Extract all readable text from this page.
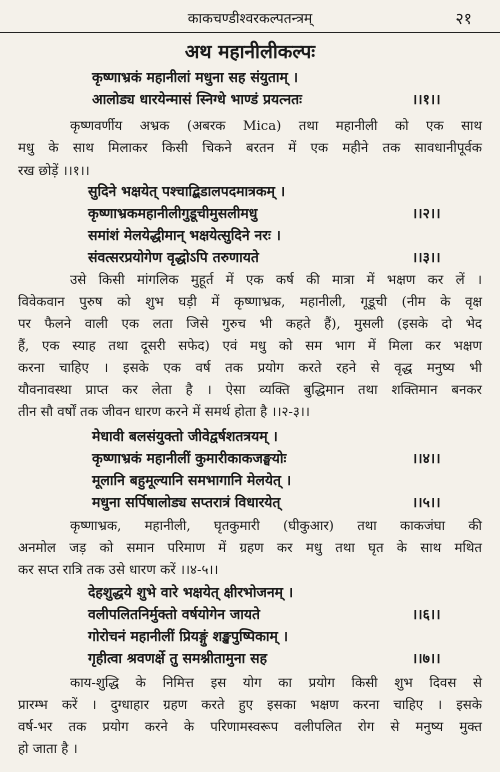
काकचण्डीश्वरकल्पतन्त्रम्	२१
अथ महानीलीकल्पः
कृष्णाभ्रकं महानीलां मधुना सह संयुताम् ।
आलोड्य धारयेन्मासं स्निग्धे भाण्डं प्रयत्नतः	।।१।।
कृष्णवर्णीय अभ्रक (अबरक Mica) तथा महानीली को एक साथ
मधु के साथ मिलाकर किसी चिकने बरतन में एक महीने तक सावधानीपूर्वक
रख छोड़ें ।।१।।
सुदिने भक्षयेत् पश्चाद्बिडालपदमात्रकम् ।
कृष्णाभ्रकमहानीलीगुडूचीमुसलीमधु	।।२।।
समांशं मेलयेद्धीमान् भक्षयेत्सुदिने नरः ।
संवत्सरप्रयोगेण वृद्धोऽपि तरुणायते	।।३।।
उसे किसी मांगलिक मुहूर्त में एक कर्ष की मात्रा में भक्षण कर लें ।
विवेकवान पुरुष को शुभ घड़ी में कृष्णाभ्रक, महानीली, गूडूची (नीम के वृक्ष
पर फैलने वाली एक लता जिसे गुरुच भी कहते हैं), मुसली (इसके दो भेद
हैं, एक स्याह तथा दूसरी सफेद) एवं मधु को सम भाग में मिला कर भक्षण
करना चाहिए । इसके एक वर्ष तक प्रयोग करते रहने से वृद्ध मनुष्य भी
यौवनावस्था प्राप्त कर लेता है । ऐसा व्यक्ति बुद्धिमान तथा शक्तिमान बनकर
तीन सौ वर्षों तक जीवन धारण करने में समर्थ होता है ।।२-३।।
मेधावी बलसंयुक्तो जीवेद्वर्षशतत्रयम् ।
कृष्णाभ्रकं महानीलीं कुमारीकाकजङ्घयोः	।।४।।
मूलानि बहुमूल्यानि समभागानि मेलयेत् ।
मधुना सर्पिषालोड्य सप्तरात्रं विधारयेत्	।।५।।
कृष्णाभ्रक, महानीली, घृतकुमारी (घीकुआर) तथा काकजंघा की
अनमोल जड़ को समान परिमाण में ग्रहण कर मधु तथा घृत के साथ मथित
कर सप्त रात्रि तक उसे धारण करें ।।४-५।।
देहशुद्धये शुभे वारे भक्षयेत् क्षीरभोजनम् ।
वलीपलितनिर्मुक्तो वर्षयोगेन जायते	।।६।।
गोरोचनं महानीलीं प्रियङ्गुं शङ्खपुष्पिकाम् ।
गृहीत्वा श्रवणर्क्षे तु समश्नीतामुना सह	।।७।।
काय-शुद्धि के निमित्त इस योग का प्रयोग किसी शुभ दिवस से
प्रारम्भ करें । दुग्धाहार ग्रहण करते हुए इसका भक्षण करना चाहिए । इसके
वर्ष-भर तक प्रयोग करने के परिणामस्वरूप वलीपलित रोग से मनुष्य मुक्त
हो जाता है ।
